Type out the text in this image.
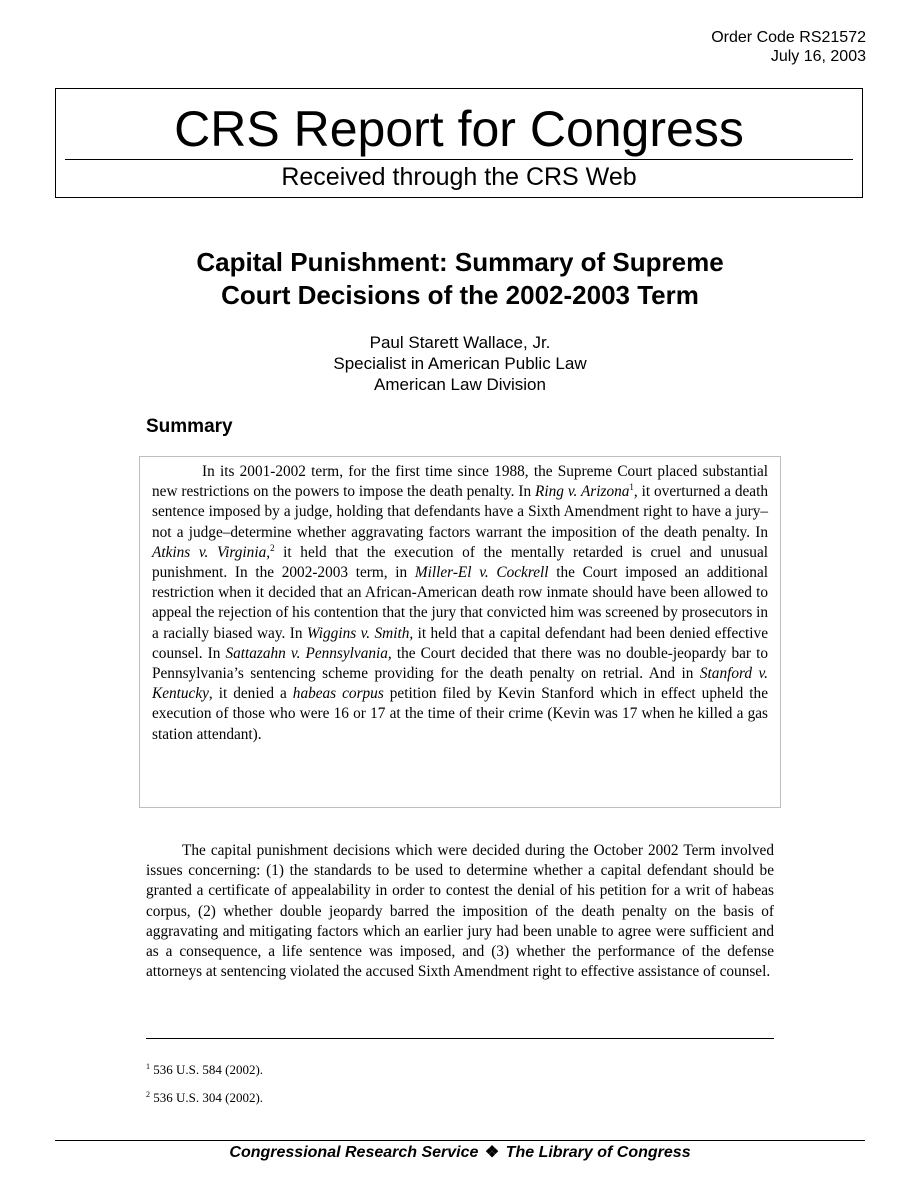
Order Code RS21572
July 16, 2003
CRS Report for Congress
Received through the CRS Web
Capital Punishment: Summary of Supreme
Court Decisions of the 2002-2003 Term
Paul Starett Wallace, Jr.
Specialist in American Public Law
American Law Division
Summary

In its 2001-2002 term, for the first time since 1988, the Supreme Court placed substantial new restrictions on the powers to impose the death penalty. In Ring v. Arizona$^1$, it overturned a death sentence imposed by a judge, holding that defendants have a Sixth Amendment right to have a jury–not a judge–determine whether aggravating factors warrant the imposition of the death penalty. In Atkins v. Virginia,$^2$ it held that the execution of the mentally retarded is cruel and unusual punishment. In the 2002-2003 term, in Miller-El v. Cockrell the Court imposed an additional restriction when it decided that an African-American death row inmate should have been allowed to appeal the rejection of his contention that the jury that convicted him was screened by prosecutors in a racially biased way. In Wiggins v. Smith, it held that a capital defendant had been denied effective counsel. In Sattazahn v. Pennsylvania, the Court decided that there was no double-jeopardy bar to Pennsylvania’s sentencing scheme providing for the death penalty on retrial. And in Stanford v. Kentucky, it denied a habeas corpus petition filed by Kevin Stanford which in effect upheld the execution of those who were 16 or 17 at the time of their crime (Kevin was 17 when he killed a gas station attendant).

The capital punishment decisions which were decided during the October 2002 Term involved issues concerning: (1) the standards to be used to determine whether a capital defendant should be granted a certificate of appealability in order to contest the denial of his petition for a writ of habeas corpus, (2) whether double jeopardy barred the imposition of the death penalty on the basis of aggravating and mitigating factors which an earlier jury had been unable to agree were sufficient and as a consequence, a life sentence was imposed, and (3) whether the performance of the defense attorneys at sentencing violated the accused Sixth Amendment right to effective assistance of counsel.

$^1$ 536 U.S. 584 (2002).
$^2$ 536 U.S. 304 (2002).
Congressional Research Service ❖ The Library of Congress
